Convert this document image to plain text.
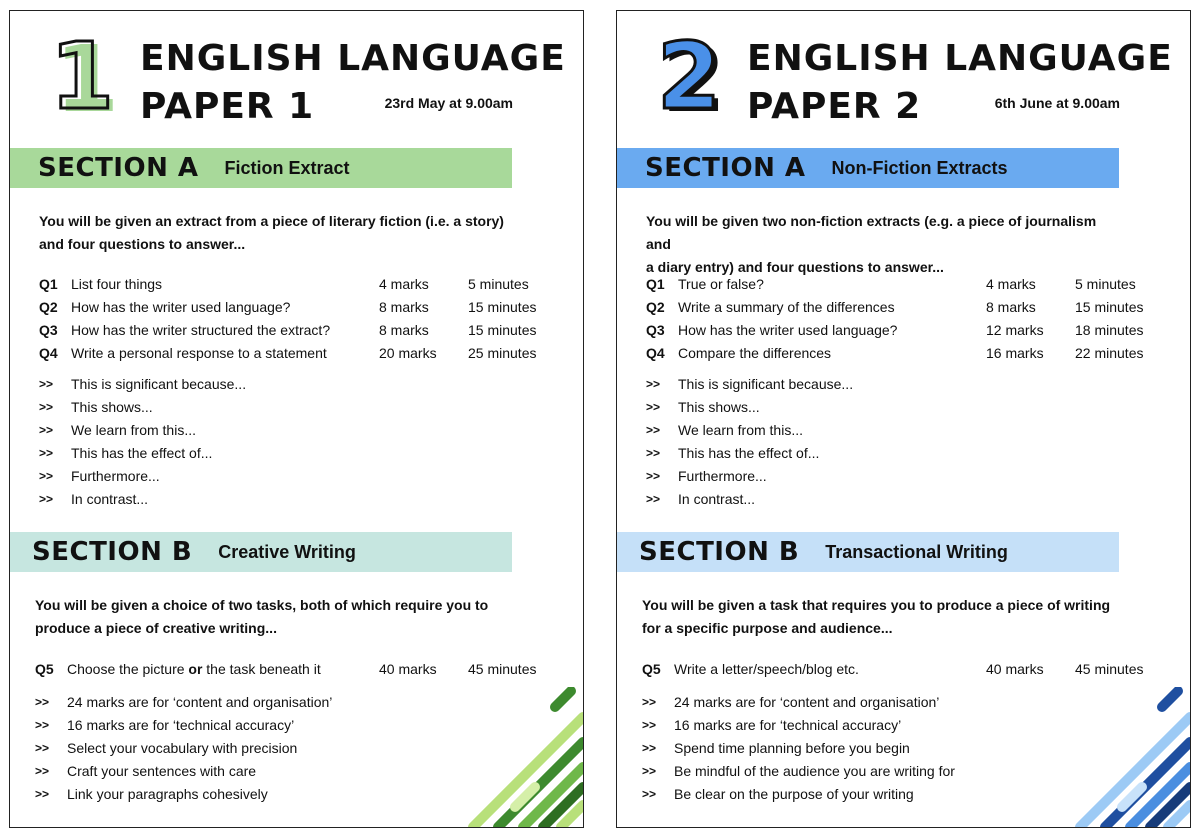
1 ENGLISH LANGUAGE
PAPER 1	23rd May at 9.00am
SECTION A Fiction Extract
You will be given an extract from a piece of literary fiction (i.e. a story)
and four questions to answer...
Q1 List four things	4 marks	5 minutes
Q2 How has the writer used language?	8 marks	15 minutes
Q3 How has the writer structured the extract?	8 marks	15 minutes
Q4 Write a personal response to a statement	20 marks 25 minutes
>> This is significant because...
>> This shows...
>> We learn from this...
>> This has the effect of...
>> Furthermore...
>> In contrast...
SECTION B Creative Writing
You will be given a choice of two tasks, both of which require you to
produce a piece of creative writing...
Q5 Choose the picture or the task beneath it	40 marks 45 minutes
>> 24 marks are for ‘content and organisation’
>> 16 marks are for ‘technical accuracy’
>> Select your vocabulary with precision
>> Craft your sentences with care
>> Link your paragraphs cohesively
2 ENGLISH LANGUAGE
PAPER 2	6th June at 9.00am
SECTION A Non-Fiction Extracts
You will be given two non-fiction extracts (e.g. a piece of journalism and
a diary entry) and four questions to answer...
Q1 True or false?	4 marks	5 minutes
Q2 Write a summary of the differences	8 marks	15 minutes
Q3 How has the writer used language?	12 marks 18 minutes
Q4 Compare the differences	16 marks 22 minutes
>> This is significant because...
>> This shows...
>> We learn from this...
>> This has the effect of...
>> Furthermore...
>> In contrast...
SECTION B Transactional Writing
You will be given a task that requires you to produce a piece of writing
for a specific purpose and audience...
Q5 Write a letter/speech/blog etc.	40 marks 45 minutes
>> 24 marks are for ‘content and organisation’
>> 16 marks are for ‘technical accuracy’
>> Spend time planning before you begin
>> Be mindful of the audience you are writing for
>> Be clear on the purpose of your writing
